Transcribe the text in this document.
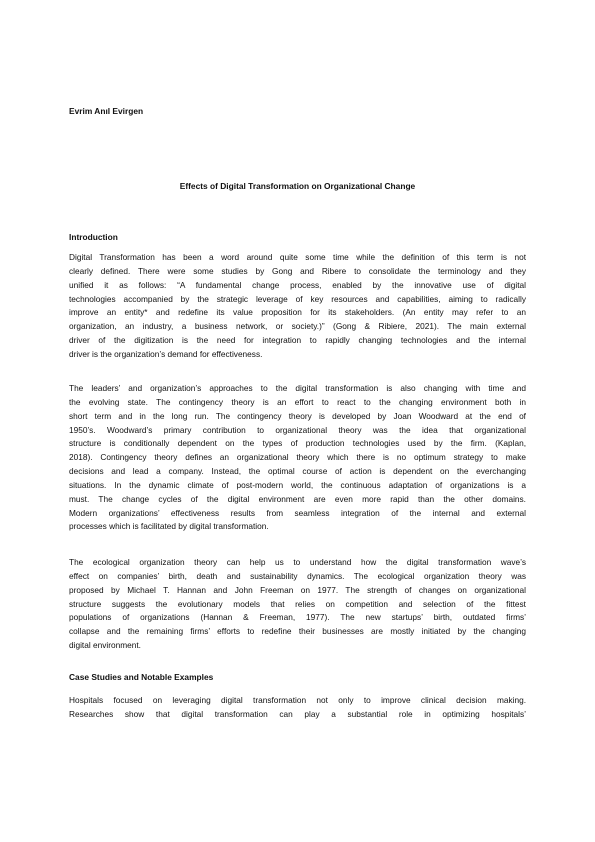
Evrim Anıl Evirgen
Effects of Digital Transformation on Organizational Change
Introduction
Digital Transformation has been a word around quite some time while the definition of this term is not
clearly defined. There were some studies by Gong and Ribere to consolidate the terminology and they
unified it as follows: “A fundamental change process, enabled by the innovative use of digital
technologies accompanied by the strategic leverage of key resources and capabilities, aiming to radically
improve an entity* and redefine its value proposition for its stakeholders. (An entity may refer to an
organization, an industry, a business network, or society.)” (Gong & Ribiere, 2021). The main external
driver of the digitization is the need for integration to rapidly changing technologies and the internal
driver is the organization’s demand for effectiveness.
The leaders’ and organization’s approaches to the digital transformation is also changing with time and
the evolving state. The contingency theory is an effort to react to the changing environment both in
short term and in the long run. The contingency theory is developed by Joan Woodward at the end of
1950’s. Woodward’s primary contribution to organizational theory was the idea that organizational
structure is conditionally dependent on the types of production technologies used by the firm. (Kaplan,
2018). Contingency theory defines an organizational theory which there is no optimum strategy to make
decisions and lead a company. Instead, the optimal course of action is dependent on the everchanging
situations. In the dynamic climate of post-modern world, the continuous adaptation of organizations is a
must. The change cycles of the digital environment are even more rapid than the other domains.
Modern organizations’ effectiveness results from seamless integration of the internal and external
processes which is facilitated by digital transformation.
The ecological organization theory can help us to understand how the digital transformation wave’s
effect on companies’ birth, death and sustainability dynamics. The ecological organization theory was
proposed by Michael T. Hannan and John Freeman on 1977. The strength of changes on organizational
structure suggests the evolutionary models that relies on competition and selection of the fittest
populations of organizations (Hannan & Freeman, 1977). The new startups’ birth, outdated firms’
collapse and the remaining firms’ efforts to redefine their businesses are mostly initiated by the changing
digital environment.
Case Studies and Notable Examples
Hospitals focused on leveraging digital transformation not only to improve clinical decision making.
Researches show that digital transformation can play a substantial role in optimizing hospitals’
